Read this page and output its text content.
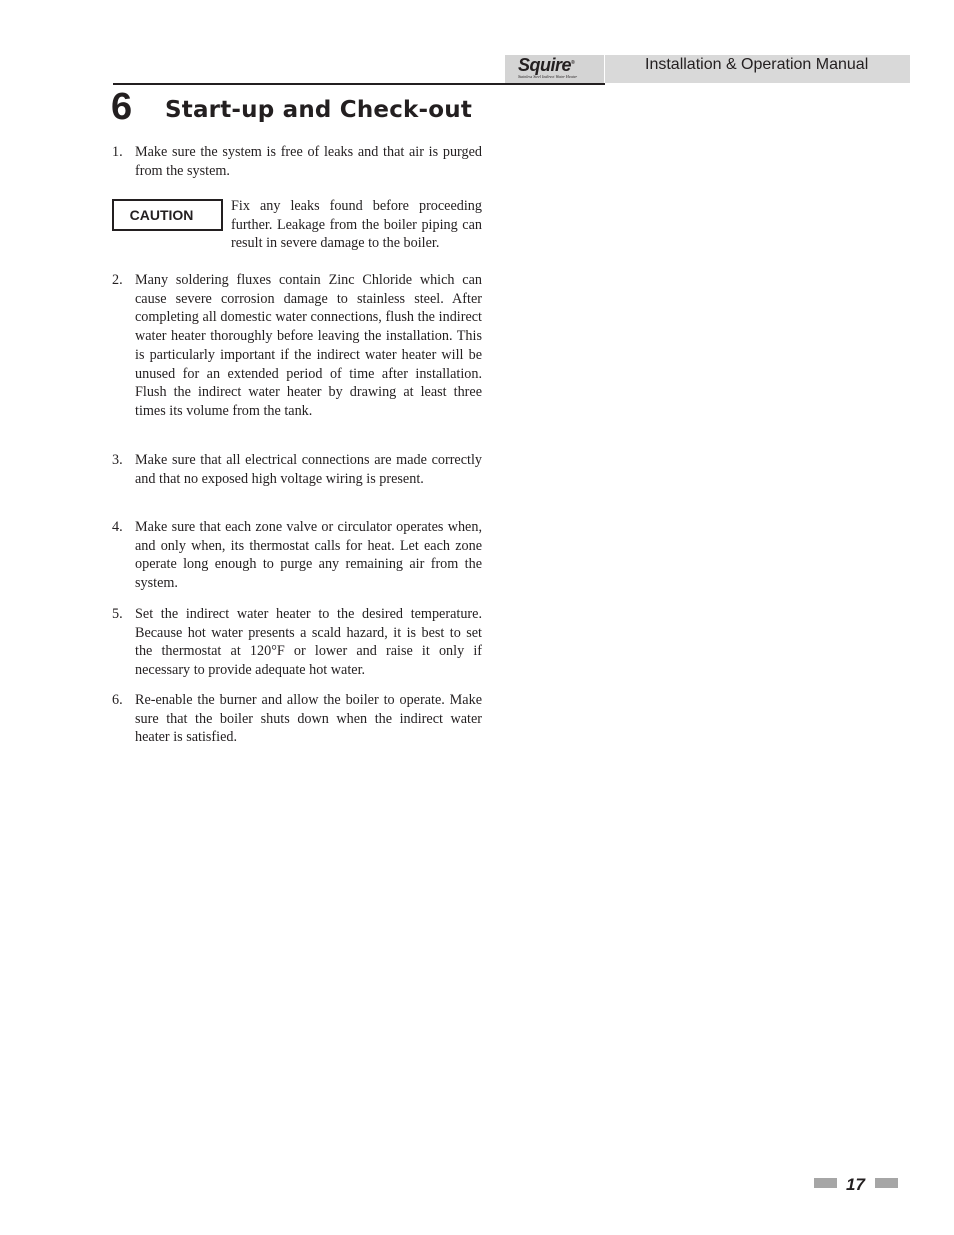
Squire®
Stainless Steel Indirect Water Heater
Installation & Operation Manual
6 Start-up and Check-out
1. Make sure the system is free of leaks and that air is purged from the system.
CAUTION
Fix any leaks found before proceeding further. Leakage from the boiler piping can result in severe damage to the boiler.
2. Many soldering fluxes contain Zinc Chloride which can cause severe corrosion damage to stainless steel. After completing all domestic water connections, flush the indirect water heater thoroughly before leaving the installation. This is particularly important if the indirect water heater will be unused for an extended period of time after installation. Flush the indirect water heater by drawing at least three times its volume from the tank.
3. Make sure that all electrical connections are made correctly and that no exposed high voltage wiring is present.
4. Make sure that each zone valve or circulator operates when, and only when, its thermostat calls for heat. Let each zone operate long enough to purge any remaining air from the system.
5. Set the indirect water heater to the desired temperature. Because hot water presents a scald hazard, it is best to set the thermostat at 120°F or lower and raise it only if necessary to provide adequate hot water.
6. Re-enable the burner and allow the boiler to operate. Make sure that the boiler shuts down when the indirect water heater is satisfied.
17
